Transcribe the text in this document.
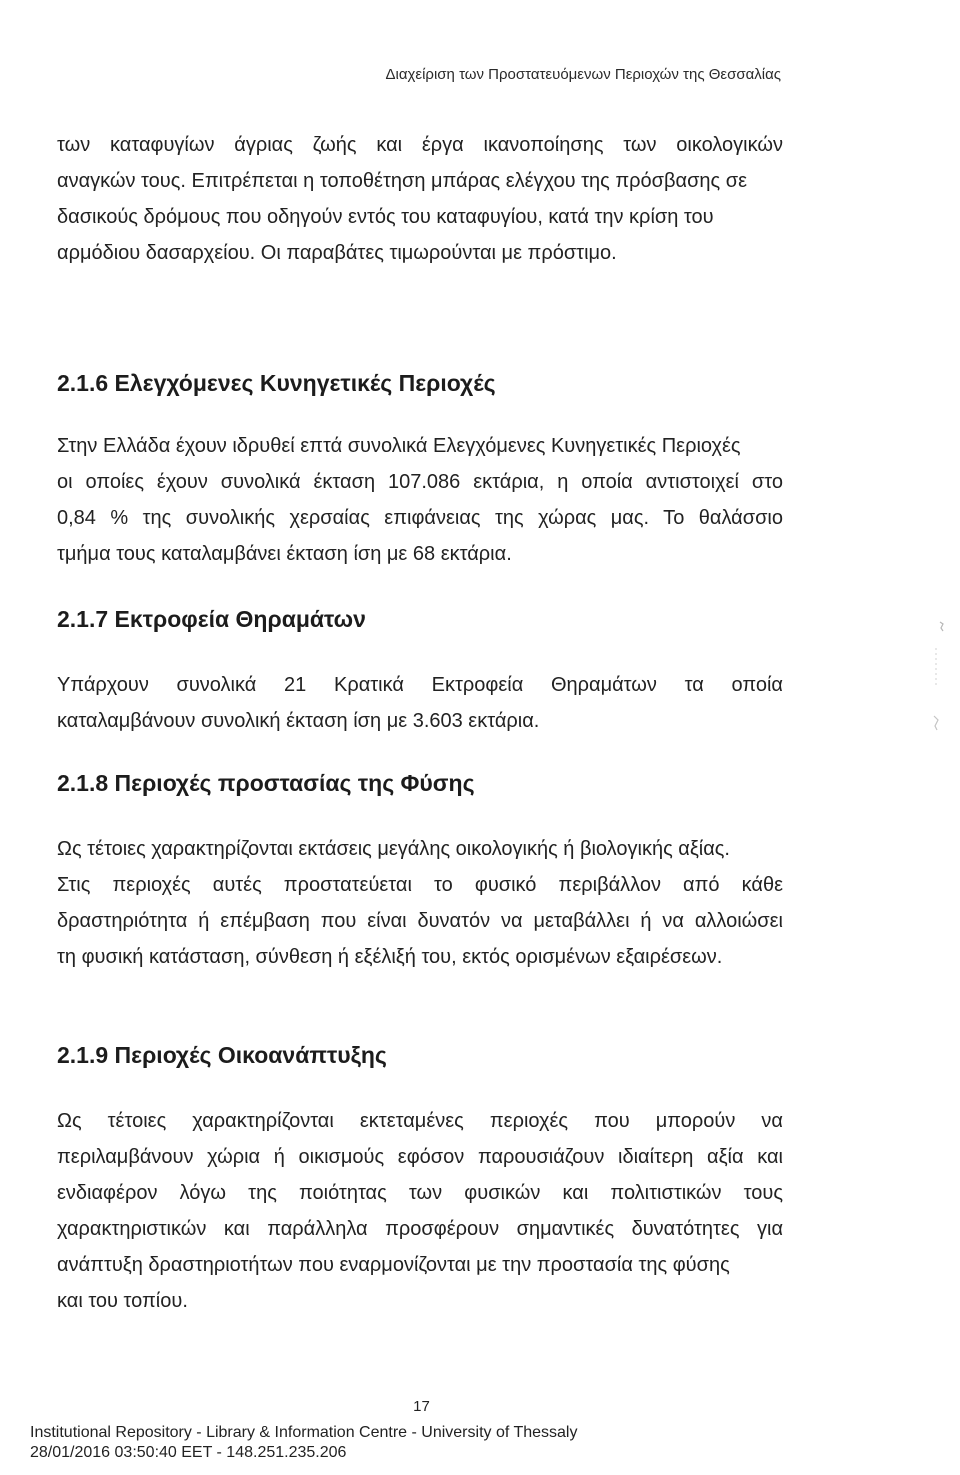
Διαχείριση των Προστατευόμενων Περιοχών της Θεσσαλίας
των καταφυγίων άγριας ζωής και έργα ικανοποίησης των οικολογικών
αναγκών τους. Επιτρέπεται η τοποθέτηση μπάρας ελέγχου της πρόσβασης σε
δασικούς δρόμους που οδηγούν εντός του καταφυγίου, κατά την κρίση του
αρμόδιου δασαρχείου. Οι παραβάτες τιμωρούνται με πρόστιμο.
2.1.6 Ελεγχόμενες Κυνηγετικές Περιοχές
Στην Ελλάδα έχουν ιδρυθεί επτά συνολικά Ελεγχόμενες Κυνηγετικές Περιοχές
οι οποίες έχουν συνολικά έκταση 107.086 εκτάρια, η οποία αντιστοιχεί στο
0,84 % της συνολικής χερσαίας επιφάνειας της χώρας μας. Το θαλάσσιο
τμήμα τους καταλαμβάνει έκταση ίση με 68 εκτάρια.
2.1.7 Εκτροφεία Θηραμάτων
Υπάρχουν συνολικά 21 Κρατικά Εκτροφεία Θηραμάτων τα οποία
καταλαμβάνουν συνολική έκταση ίση με 3.603 εκτάρια.
2.1.8 Περιοχές προστασίας της Φύσης
Ως τέτοιες χαρακτηρίζονται εκτάσεις μεγάλης οικολογικής ή βιολογικής αξίας.
Στις περιοχές αυτές προστατεύεται το φυσικό περιβάλλον από κάθε
δραστηριότητα ή επέμβαση που είναι δυνατόν να μεταβάλλει ή να αλλοιώσει
τη φυσική κατάσταση, σύνθεση ή εξέλιξή του, εκτός ορισμένων εξαιρέσεων.
2.1.9 Περιοχές Οικοανάπτυξης
Ως τέτοιες χαρακτηρίζονται εκτεταμένες περιοχές που μπορούν να
περιλαμβάνουν χώρια ή οικισμούς εφόσον παρουσιάζουν ιδιαίτερη αξία και
ενδιαφέρον λόγω της ποιότητας των φυσικών και πολιτιστικών τους
χαρακτηριστικών και παράλληλα προσφέρουν σημαντικές δυνατότητες για
ανάπτυξη δραστηριοτήτων που εναρμονίζονται με την προστασία της φύσης
και του τοπίου.
17
Institutional Repository - Library & Information Centre - University of Thessaly
28/01/2016 03:50:40 EET - 148.251.235.206
